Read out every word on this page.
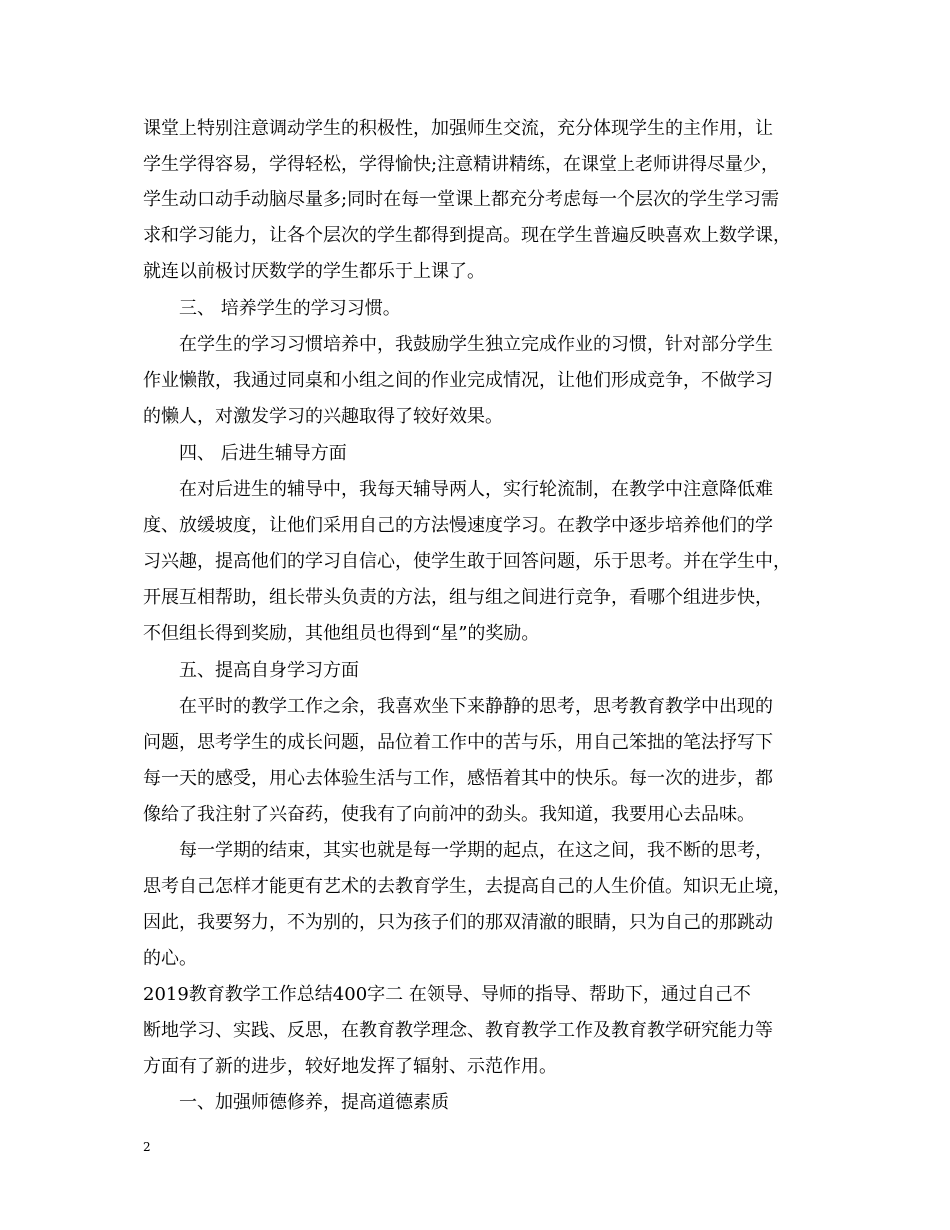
课堂上特别注意调动学生的积极性，加强师生交流，充分体现学生的主作用，让
学生学得容易，学得轻松，学得愉快;注意精讲精练，在课堂上老师讲得尽量少，
学生动口动手动脑尽量多;同时在每一堂课上都充分考虑每一个层次的学生学习需
求和学习能力，让各个层次的学生都得到提高。现在学生普遍反映喜欢上数学课，
就连以前极讨厌数学的学生都乐于上课了。
三、 培养学生的学习习惯。
在学生的学习习惯培养中，我鼓励学生独立完成作业的习惯，针对部分学生
作业懒散，我通过同桌和小组之间的作业完成情况，让他们形成竞争，不做学习
的懒人，对激发学习的兴趣取得了较好效果。
四、 后进生辅导方面
在对后进生的辅导中，我每天辅导两人，实行轮流制，在教学中注意降低难
度、放缓坡度，让他们采用自己的方法慢速度学习。在教学中逐步培养他们的学
习兴趣，提高他们的学习自信心，使学生敢于回答问题，乐于思考。并在学生中，
开展互相帮助，组长带头负责的方法，组与组之间进行竞争，看哪个组进步快，
不但组长得到奖励，其他组员也得到“星”的奖励。
五、提高自身学习方面
在平时的教学工作之余，我喜欢坐下来静静的思考，思考教育教学中出现的
问题，思考学生的成长问题，品位着工作中的苦与乐，用自己笨拙的笔法抒写下
每一天的感受，用心去体验生活与工作，感悟着其中的快乐。每一次的进步，都
像给了我注射了兴奋药，使我有了向前冲的劲头。我知道，我要用心去品味。
每一学期的结束，其实也就是每一学期的起点，在这之间，我不断的思考，
思考自己怎样才能更有艺术的去教育学生，去提高自己的人生价值。知识无止境，
因此，我要努力，不为别的，只为孩子们的那双清澈的眼睛，只为自己的那跳动
的心。
2019教育教学工作总结400字二 在领导、导师的指导、帮助下，通过自己不
断地学习、实践、反思，在教育教学理念、教育教学工作及教育教学研究能力等
方面有了新的进步，较好地发挥了辐射、示范作用。
一、加强师德修养，提高道德素质
2
